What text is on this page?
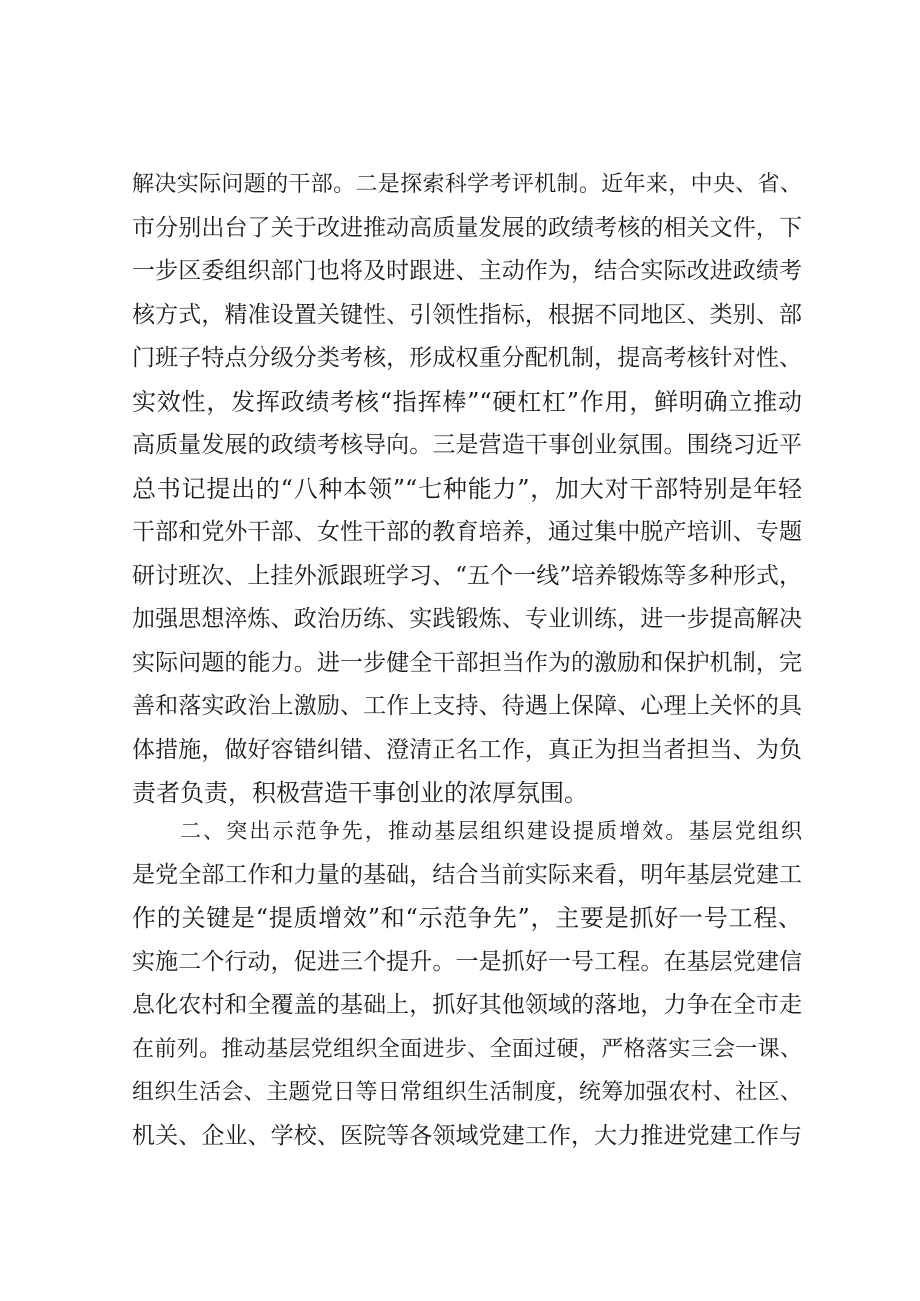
解决实际问题的干部。二是探索科学考评机制。近年来，中央、省、
市分别出台了关于改进推动高质量发展的政绩考核的相关文件，下
一步区委组织部门也将及时跟进、主动作为，结合实际改进政绩考
核方式，精准设置关键性、引领性指标，根据不同地区、类别、部
门班子特点分级分类考核，形成权重分配机制，提高考核针对性、
实效性，发挥政绩考核“指挥棒”“硬杠杠”作用，鲜明确立推动
高质量发展的政绩考核导向。三是营造干事创业氛围。围绕习近平
总书记提出的“八种本领”“七种能力”，加大对干部特别是年轻
干部和党外干部、女性干部的教育培养，通过集中脱产培训、专题
研讨班次、上挂外派跟班学习、“五个一线”培养锻炼等多种形式，
加强思想淬炼、政治历练、实践锻炼、专业训练，进一步提高解决
实际问题的能力。进一步健全干部担当作为的激励和保护机制，完
善和落实政治上激励、工作上支持、待遇上保障、心理上关怀的具
体措施，做好容错纠错、澄清正名工作，真正为担当者担当、为负
责者负责，积极营造干事创业的浓厚氛围。
二、突出示范争先，推动基层组织建设提质增效。基层党组织
是党全部工作和力量的基础，结合当前实际来看，明年基层党建工
作的关键是“提质增效”和“示范争先”，主要是抓好一号工程、
实施二个行动，促进三个提升。一是抓好一号工程。在基层党建信
息化农村和全覆盖的基础上，抓好其他领域的落地，力争在全市走
在前列。推动基层党组织全面进步、全面过硬，严格落实三会一课、
组织生活会、主题党日等日常组织生活制度，统筹加强农村、社区、
机关、企业、学校、医院等各领域党建工作，大力推进党建工作与
